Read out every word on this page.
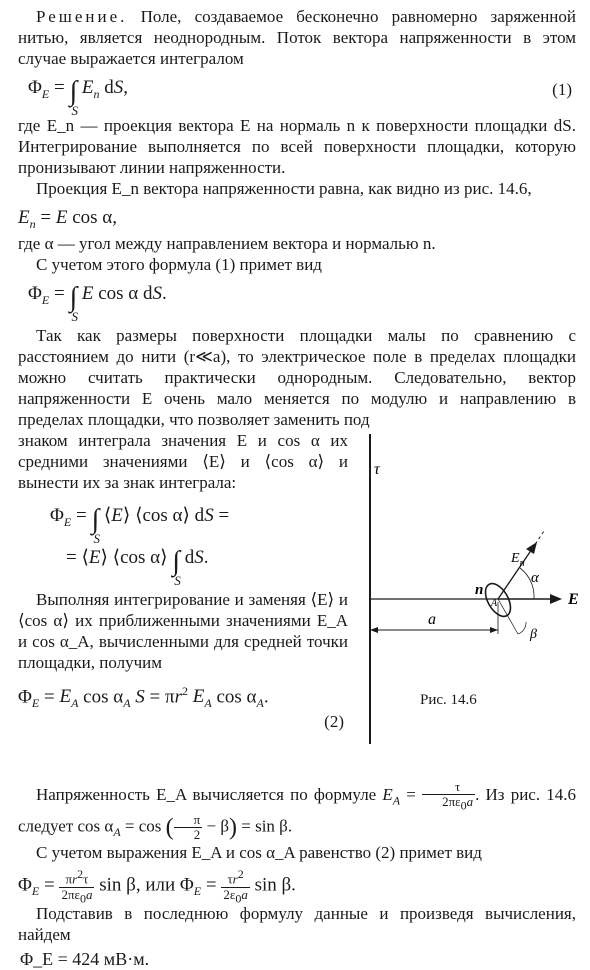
Решение. Поле, создаваемое бесконечно равномерно заряженной нитью, является неоднородным. Поток вектора напряженности в этом случае выражается интегралом

$\Phi_E$ = ∫
S
$E_n$ dS,	(1)

где E_n — проекция вектора E на нормаль n к поверхности площадки dS. Интегрирование выполняется по всей поверхности площадки, которую пронизывают линии напряженности.

Проекция E_n вектора напряженности равна, как видно из рис. 14.6,

$E_n = E$ cos α,

где α — угол между направлением вектора и нормалью n.

С учетом этого формула (1) примет вид

$\Phi_E$ = ∫
S
E cos α dS.

Так как размеры поверхности площадки малы по сравнению с расстоянием до нити (r≪a), то электрическое поле в пределах площадки можно считать практически однородным. Следовательно, вектор напряженности E очень мало меняется по модулю и направлению в пределах площадки, что позволяет заменить под

знаком интеграла значения E и cos α их средними значениями ⟨E⟩ и ⟨cos α⟩ и вынести их за знак интеграла:

$\Phi_E$ = ∫
S
⟨E⟩ ⟨cos α⟩ dS =
= ⟨E⟩ ⟨cos α⟩ ∫
S
dS.

Выполняя интегрирование и заменяя ⟨E⟩ и ⟨cos α⟩ их приближенными значениями E_A и cos α_A, вычисленными для средней точки площадки, получим

$\Phi_E = E_A$ $\cos \alpha_A$ $S = \pi r^2$ $E_A$ $\cos \alpha_A$.
(2)
τ
a
E
$E_n$
α
β
n
A

Напряженность E_A вычисляется по формуле $E_A = \frac{\tau}{2\pi\varepsilon_0a}$ . Из рис. 14.6 следует $\cos \alpha_A = \cos$ ( $\frac{\pi}{2} - \beta) = \sin \beta$.

С учетом выражения E_A и cos α_A равенство (2) примет вид

$\Phi_E = \frac{\pi r^2\tau}{2\pi\varepsilon_0a}$ sin β, или $\Phi_E = \frac{\tau r^2}{2\varepsilon_0a}$ sin β.

Подставив в последнюю формулу данные и произведя вычисления, найдем

Φ_E = 424 мВ·м.
Рис. 14.6
